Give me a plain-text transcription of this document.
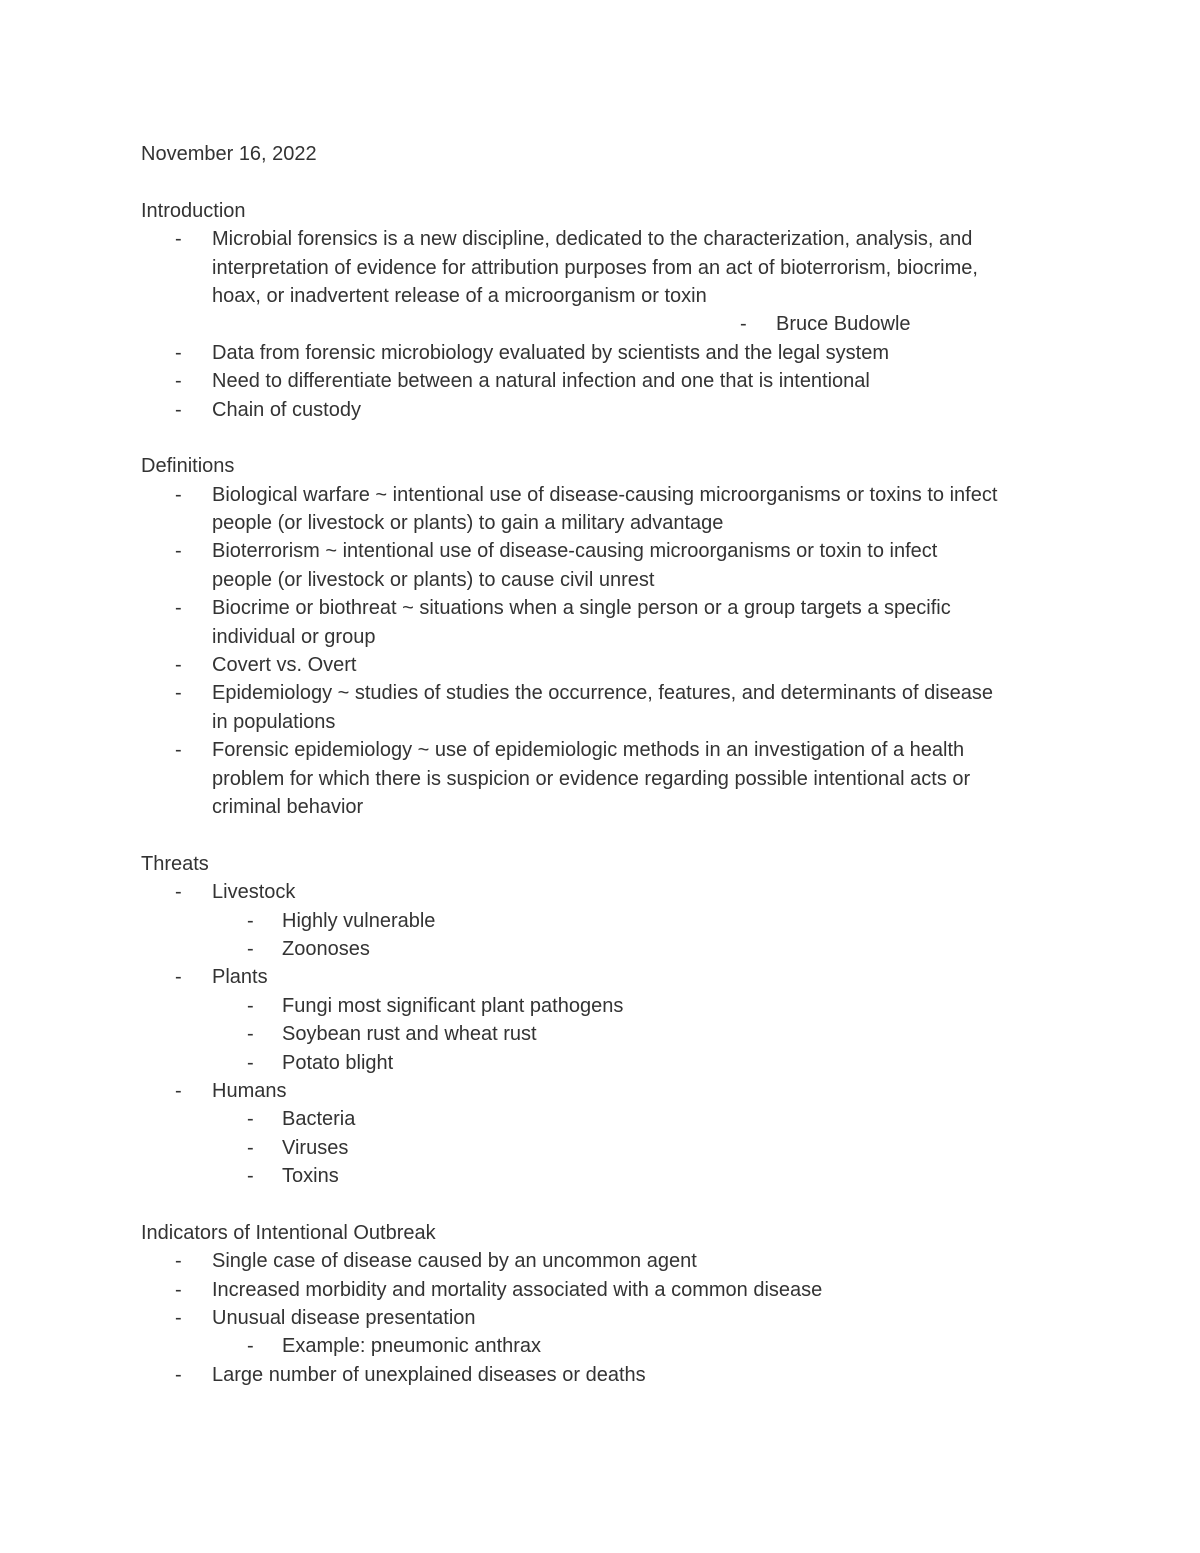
November 16, 2022
Introduction
-	Microbial forensics is a new discipline, dedicated to the characterization, analysis, and
interpretation of evidence for attribution purposes from an act of bioterrorism, biocrime,
hoax, or inadvertent release of a microorganism or toxin
-	Bruce Budowle
-	Data from forensic microbiology evaluated by scientists and the legal system
-	Need to differentiate between a natural infection and one that is intentional
-	Chain of custody
Definitions
-	Biological warfare ~ intentional use of disease-causing microorganisms or toxins to infect
people (or livestock or plants) to gain a military advantage
-	Bioterrorism ~ intentional use of disease-causing microorganisms or toxin to infect
people (or livestock or plants) to cause civil unrest
-	Biocrime or biothreat ~ situations when a single person or a group targets a specific
individual or group
-	Covert vs. Overt
-	Epidemiology ~ studies of studies the occurrence, features, and determinants of disease
in populations
-	Forensic epidemiology ~ use of epidemiologic methods in an investigation of a health
problem for which there is suspicion or evidence regarding possible intentional acts or
criminal behavior
Threats
-	Livestock
-	Highly vulnerable
-	Zoonoses
-	Plants
-	Fungi most significant plant pathogens
-	Soybean rust and wheat rust
-	Potato blight
-	Humans
-	Bacteria
-	Viruses
-	Toxins
Indicators of Intentional Outbreak
-	Single case of disease caused by an uncommon agent
-	Increased morbidity and mortality associated with a common disease
-	Unusual disease presentation
-	Example: pneumonic anthrax
-	Large number of unexplained diseases or deaths
